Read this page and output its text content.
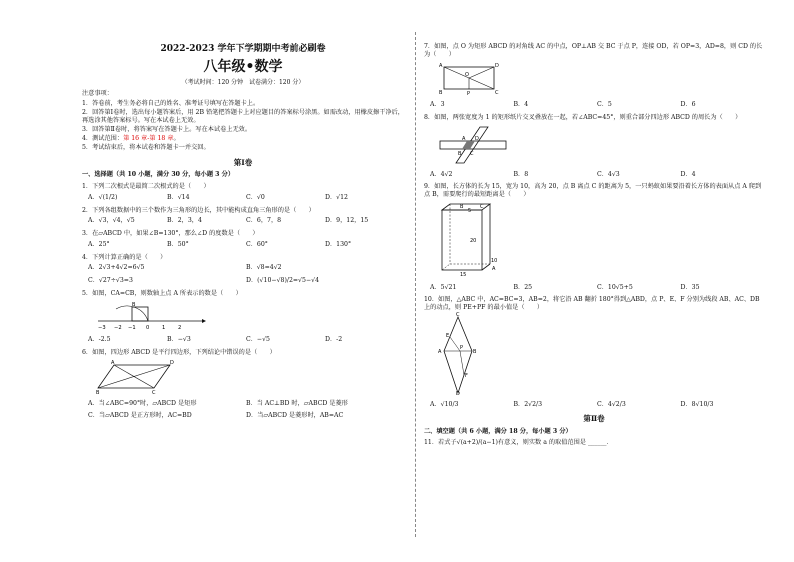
2022-2023 学年下学期期中考前必刷卷
八年级•数学
（考试时间：120 分钟　试卷满分：120 分）

注意事项：

1．答卷前，考生务必将自己的姓名、准考证号填写在答题卡上。

2．回答第Ⅰ卷时，选出每小题答案后，用 2B 铅笔把答题卡上对应题目的答案标号涂黑。如需改动，用橡皮擦干净后，再选涂其他答案标号。写在本试卷上无效。

3．回答第Ⅱ卷时，将答案写在答题卡上。写在本试卷上无效。

4．测试范围：第 16 章-第 18 章。

5．考试结束后，将本试卷和答题卡一并交回。

第Ⅰ卷
一、选择题（共 10 小题，满分 30 分，每小题 3 分）
1．下列二次根式是最简二次根式的是（　　）
A．√(1/2)	B．√14	C．√0	D．√12
2．下列各组数据中的三个数作为三角形的边长，其中能构成直角三角形的是（　　）
A．√3，√4，√5	B．2，3，4	C．6，7，8	D．9，12，15
3．在▱ABCD 中，如果∠B=130°，那么∠D 的度数是（　　）
A．25°	B．50°	C．60°	D．130°
4．下列计算正确的是（　　）
A．2√3+4√2=6√5	B．√8=4√2
C．√27÷√3=3	D．(√10−√8)/2=√5−√4
5．如图，CA=CB，则数轴上点 A 所表示的数是（　　）
B
−3 −2 −1 0 1 2
A．-2.5	B．−√3	C．−√5	D．-2
6．如图，四边形 ABCD 是平行四边形，下列结论中错误的是（　　）
A	D
C
B
A．当∠ABC=90°时，▱ABCD 是矩形	B．当 AC⊥BD 时，▱ABCD 是菱形
C．当▱ABCD 是正方形时，AC=BD	D．当▱ABCD 是菱形时，AB=AC
7．如图，点 O 为矩形 ABCD 的对角线 AC 的中点，OP⊥AB 交 BC 于点 P，连接 OD，若 OP=3，AD=8，则 CD 的长为（　　）
A	D
O
B	P	C
A．3	B．4	C．5	D．6
8．如图，两张宽度为 1 的矩形纸片交叉叠放在一起，若∠ABC=45°，则重合部分四边形 ABCD 的周长为（　　）
A D
B C
A．4√2	B．8	C．4√3	D．4
9．如图，长方体的长为 15，宽为 10，高为 20，点 B 离点 C 的距离为 5，一只蚂蚁如果要沿着长方体的表面从点 A 爬到点 B，需要爬行的最短距离是（　　）
B
A
C
20
15
10
5
A．5√21	B．25	C．10√5+5	D．35
10．如图，△ABC 中，AC=BC=3，AB=2，将它沿 AB 翻折 180°得到△ABD，点 P、E、F 分别为线段 AB、AC、DB 上的动点，则 PE+PF 的最小值是（　　）
C
A	B
D
P
E
F
A．√10/3	B．2√2/3	C．4√2/3	D．8√10/3
第Ⅱ卷
二、填空题（共 6 小题，满分 18 分，每小题 3 分）
11．若式子√(a+2)/(a−1)有意义，则实数 a 的取值范围是 ______．
